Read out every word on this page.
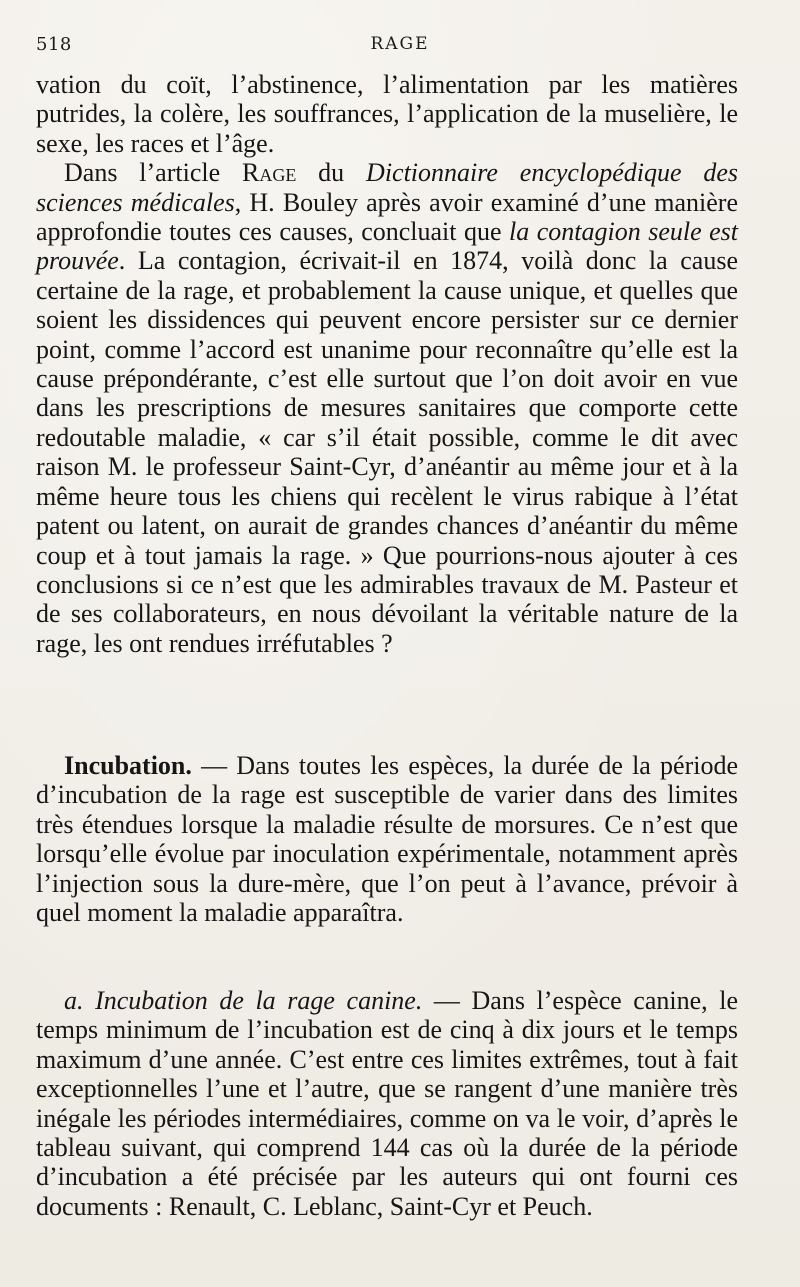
518	RAGE

vation du coït, l’abstinence, l’alimentation par les matières putrides, la colère, les souffrances, l’application de la muselière, le sexe, les races et l’âge.

Dans l’article Rage du Dictionnaire encyclopédique des sciences médicales, H. Bouley après avoir examiné d’une manière approfondie toutes ces causes, concluait que la contagion seule est prouvée. La contagion, écrivait-il en 1874, voilà donc la cause certaine de la rage, et probablement la cause unique, et quelles que soient les dissidences qui peuvent encore persister sur ce dernier point, comme l’accord est unanime pour reconnaître qu’elle est la cause prépondérante, c’est elle surtout que l’on doit avoir en vue dans les prescriptions de mesures sanitaires que comporte cette redoutable maladie, « car s’il était possible, comme le dit avec raison M. le professeur Saint-Cyr, d’anéantir au même jour et à la même heure tous les chiens qui recèlent le virus rabique à l’état patent ou latent, on aurait de grandes chances d’anéantir du même coup et à tout jamais la rage. » Que pourrions-nous ajouter à ces conclusions si ce n’est que les admirables travaux de M. Pasteur et de ses collaborateurs, en nous dévoilant la véritable nature de la rage, les ont rendues irréfutables ?

Incubation. — Dans toutes les espèces, la durée de la période d’incubation de la rage est susceptible de varier dans des limites très étendues lorsque la maladie résulte de morsures. Ce n’est que lorsqu’elle évolue par inoculation expérimentale, notamment après l’injection sous la dure-mère, que l’on peut à l’avance, prévoir à quel moment la maladie apparaîtra.

a. Incubation de la rage canine. — Dans l’espèce canine, le temps minimum de l’incubation est de cinq à dix jours et le temps maximum d’une année. C’est entre ces limites extrêmes, tout à fait exceptionnelles l’une et l’autre, que se rangent d’une manière très inégale les périodes intermédiaires, comme on va le voir, d’après le tableau suivant, qui comprend 144 cas où la durée de la période d’incubation a été précisée par les auteurs qui ont fourni ces documents : Renault, C. Leblanc, Saint-Cyr et Peuch.
